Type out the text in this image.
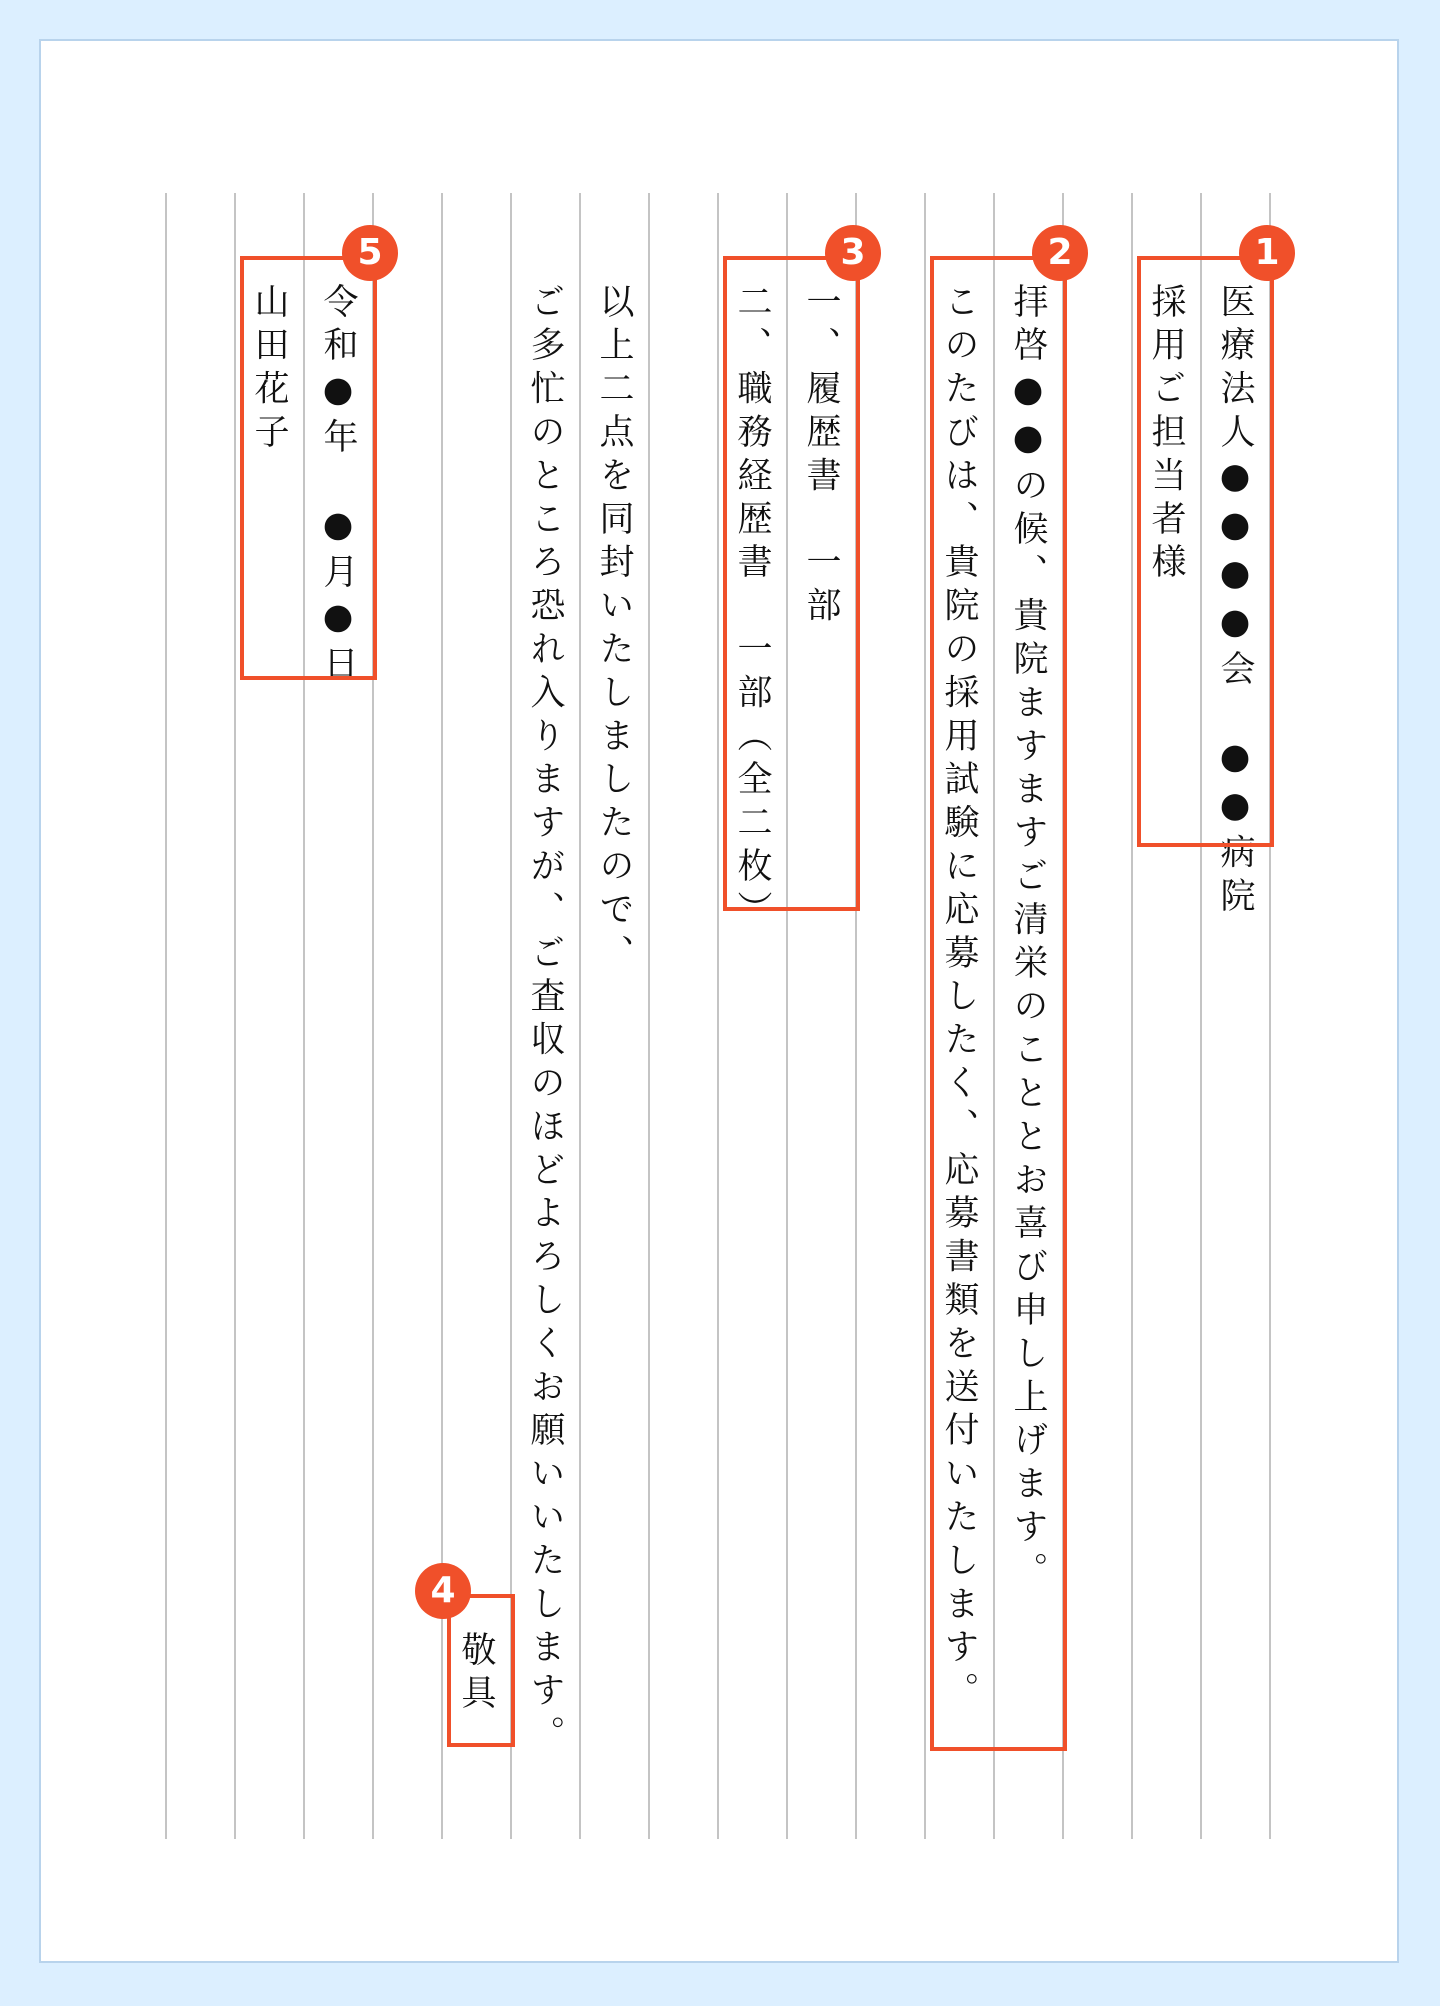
医療法人●●●●会　●●病院
採用ご担当者様
拝啓●●の候、貴院ますますご清栄のこととお喜び申し上げます。
このたびは、貴院の採用試験に応募したく、応募書類を送付いたします。
一、履歴書　一部
二、職務経歴書　一部（全二枚）
以上二点を同封いたしましたので、
ご多忙のところ恐れ入りますが、ご査収のほどよろしくお願いいたします。
敬具
令和●年　●月●日
山田花子
1
2
3
4
5
